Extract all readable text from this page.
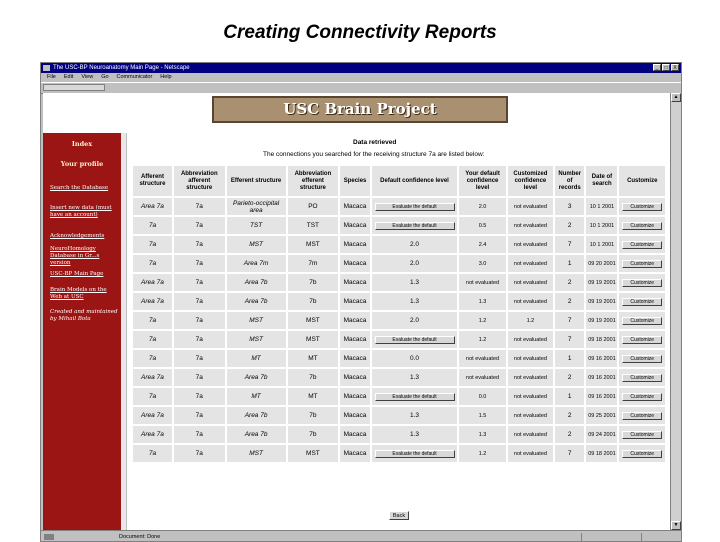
Creating Connectivity Reports
The USC-BP Neuroanatomy Main Page - Netscape	_	□	X
File Edit View Go Communicator Help
USC Brain Project
Index
Your profile
Search the Database
Insert new data (must have an account)
Acknowledgements
NeuroHomology Database in Gr...s version
USC-BP Main Page
Brain Models on the Web at USC
Created and maintained by Mihail Bota
Data retrieved
The connections you searched for the receiving structure 7a are listed below:
Afferent structure	Abbreviation afferent structure	Efferent structure	Abbreviation efferent structure	Species	Default confidence level	Your default confidence level	Customized confidence level	Number of records	Date of search	Customize
Area 7a	7a	Parieto-occipital area	PO	Macaca	Evaluate the default	2.0	not evaluated	3	10 1 2001	Customize
7a	7a	TST	TST	Macaca	Evaluate the default	0.5	not evaluated	2	10 1 2001	Customize
7a	7a	MST	MST	Macaca	2.0	2.4	not evaluated	7	10 1 2001	Customize
7a	7a	Area 7m	7m	Macaca	2.0	3.0	not evaluated	1	09 20 2001	Customize
Area 7a	7a	Area 7b	7b	Macaca	1.3	not evaluated	not evaluated	2	09 19 2001	Customize
Area 7a	7a	Area 7b	7b	Macaca	1.3	1.3	not evaluated	2	09 19 2001	Customize
7a	7a	MST	MST	Macaca	2.0	1.2	1.2	7	09 19 2001	Customize
7a	7a	MST	MST	Macaca	Evaluate the default	1.2	not evaluated	7	09 18 2001	Customize
7a	7a	MT	MT	Macaca	0.0	not evaluated	not evaluated	1	09 16 2001	Customize
Area 7a	7a	Area 7b	7b	Macaca	1.3	not evaluated	not evaluated	2	09 16 2001	Customize
7a	7a	MT	MT	Macaca	Evaluate the default	0.0	not evaluated	1	09 16 2001	Customize
Area 7a	7a	Area 7b	7b	Macaca	1.3	1.5	not evaluated	2	09 25 2001	Customize
Area 7a	7a	Area 7b	7b	Macaca	1.3	1.3	not evaluated	2	09 24 2001	Customize
7a	7a	MST	MST	Macaca	Evaluate the default	1.2	not evaluated	7	09 18 2001	Customize
Back
▲
▼
Document: Done
